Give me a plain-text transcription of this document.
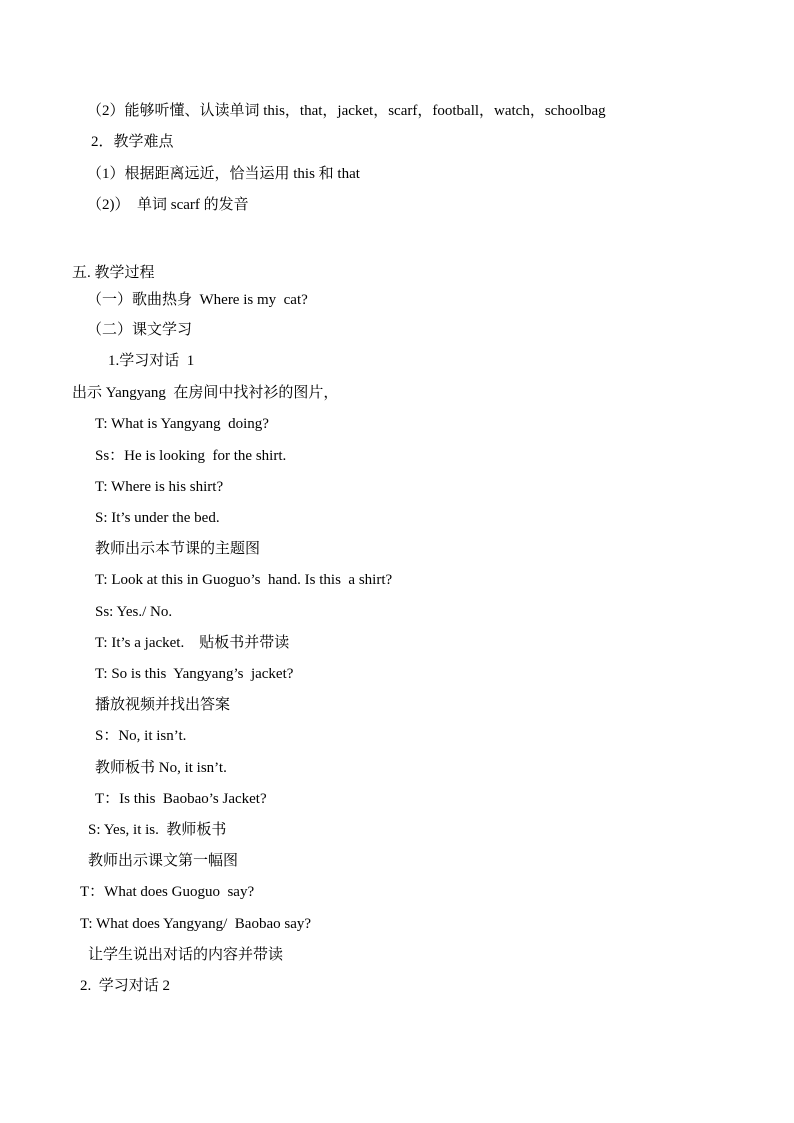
（2）能够听懂、认读单词 this，that，jacket，scarf，football，watch，schoolbag
2．教学难点
（1）根据距离远近，恰当运用 this 和 that
（2)）  单词 scarf 的发音
五. 教学过程
（一）歌曲热身  Where is my  cat?
（二）课文学习
1.学习对话  1
出示 Yangyang  在房间中找衬衫的图片，
T: What is Yangyang  doing?
Ss：He is looking  for the shirt.
T: Where is his shirt?
S: It’s under the bed.
教师出示本节课的主题图
T: Look at this in Guoguo’s  hand. Is this  a shirt?
Ss: Yes./ No.
T: It’s a jacket.    贴板书并带读
T: So is this  Yangyang’s  jacket?
播放视频并找出答案
S：No, it isn’t.
教师板书 No, it isn’t.
T：Is this  Baobao’s Jacket?
S: Yes, it is.  教师板书
教师出示课文第一幅图
T：What does Guoguo  say?
T: What does Yangyang/  Baobao say?
让学生说出对话的内容并带读
2.  学习对话 2
